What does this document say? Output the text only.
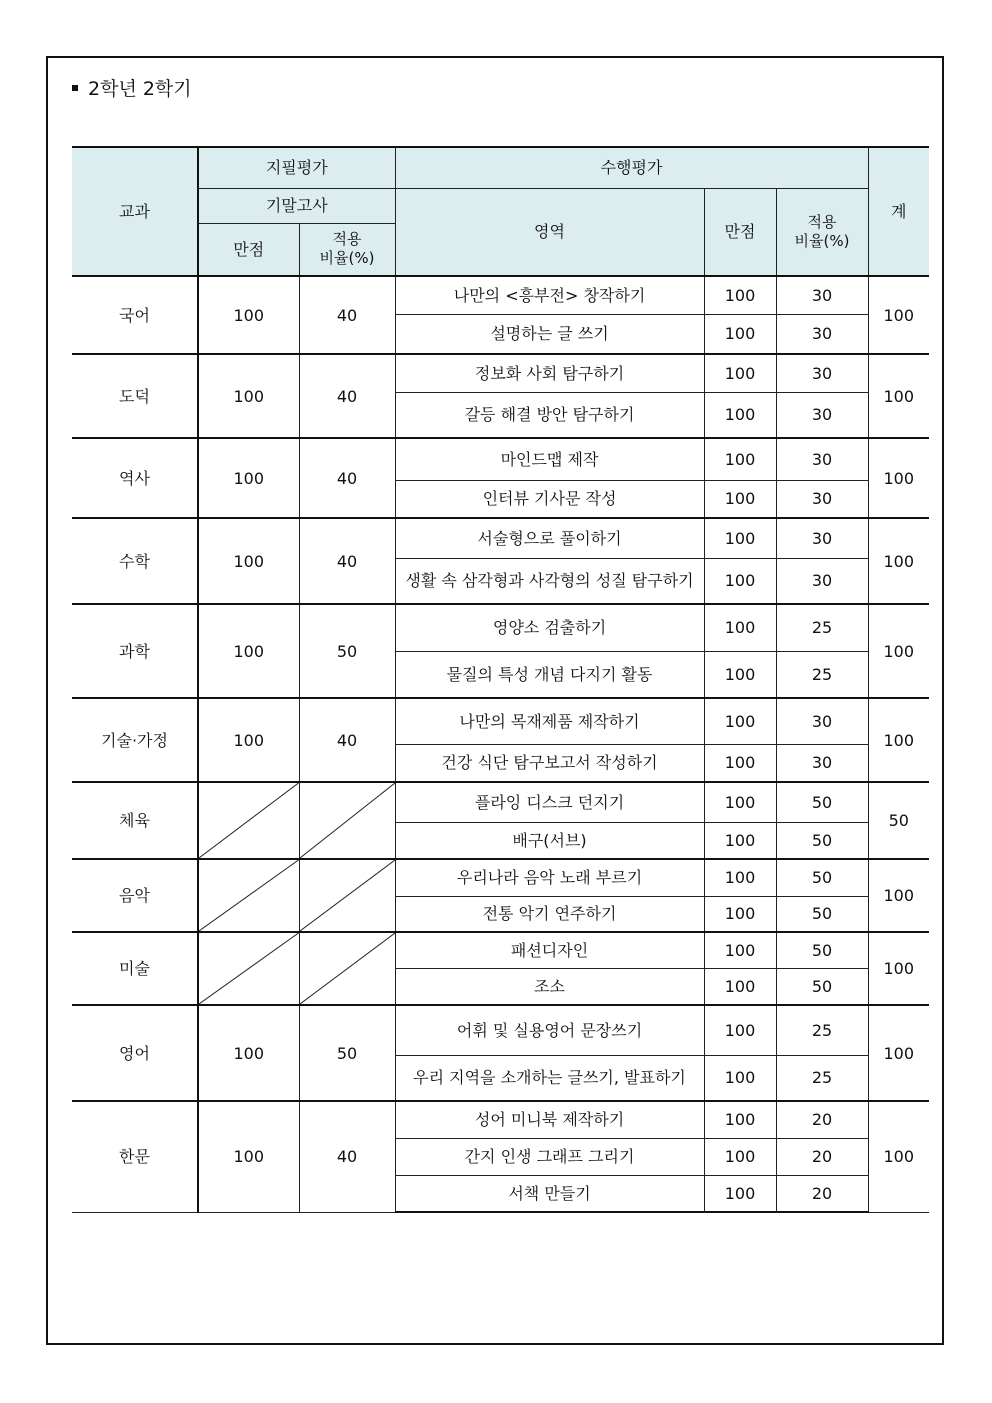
2학년 2학기
교과	지필평가		수행평가			계
	기말고사		영역	만점	적용
비율(%)	
	만점	적용
비율(%)				
국어	100	40	나만의 <흥부전> 창작하기	100	30	100
			설명하는 글 쓰기	100	30	
도덕	100	40	정보화 사회 탐구하기	100	30	100
			갈등 해결 방안 탐구하기	100	30	
역사	100	40	마인드맵 제작	100	30	100
			인터뷰 기사문 작성	100	30	
수학	100	40	서술형으로 풀이하기	100	30	100
			생활 속 삼각형과 사각형의 성질 탐구하기	100	30	
과학	100	50	영양소 검출하기	100	25	100
			물질의 특성 개념 다지기 활동	100	25	
기술·가정	100	40	나만의 목재제품 제작하기	100	30	100
			건강 식단 탐구보고서 작성하기	100	30	
체육			플라잉 디스크 던지기	100	50	50
			배구(서브)	100	50	
음악			우리나라 음악 노래 부르기	100	50	100
			전통 악기 연주하기	100	50	
미술			패션디자인	100	50	100
			조소	100	50	
영어	100	50	어휘 및 실용영어 문장쓰기	100	25	100
			우리 지역을 소개하는 글쓰기, 발표하기	100	25	
한문	100	40	성어 미니북 제작하기	100	20	100
			간지 인생 그래프 그리기	100	20	
			서책 만들기	100	20	
